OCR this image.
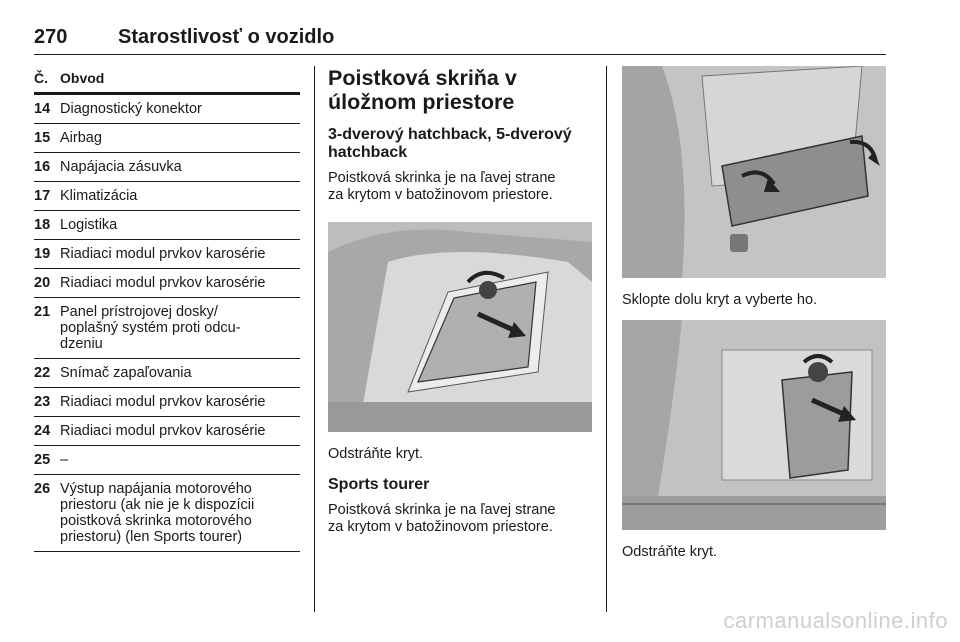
270	Starostlivosť o vozidlo
Č. Obvod
14 Diagnostický konektor
15 Airbag
16 Napájacia zásuvka
17 Klimatizácia
18 Logistika
19 Riadiaci modul prvkov karosérie
20 Riadiaci modul prvkov karosérie
21 Panel prístrojovej dosky/
poplašný systém proti odcu-
dzeniu
22 Snímač zapaľovania
23 Riadiaci modul prvkov karosérie
24 Riadiaci modul prvkov karosérie
25 –
26 Výstup napájania motorového
priestoru (ak nie je k dispozícii
poistková skrinka motorového
priestoru) (len Sports tourer)
Poistková skriňa v úložnom priestore
3-dverový hatchback, 5-dverový hatchback

Poistková skrinka je na ľavej strane
za krytom v batožinovom priestore.

Odstráňte kryt.
Sports tourer

Poistková skrinka je na ľavej strane
za krytom v batožinovom priestore.

Sklopte dolu kryt a vyberte ho.
Odstráňte kryt.
carmanualsonline.info
